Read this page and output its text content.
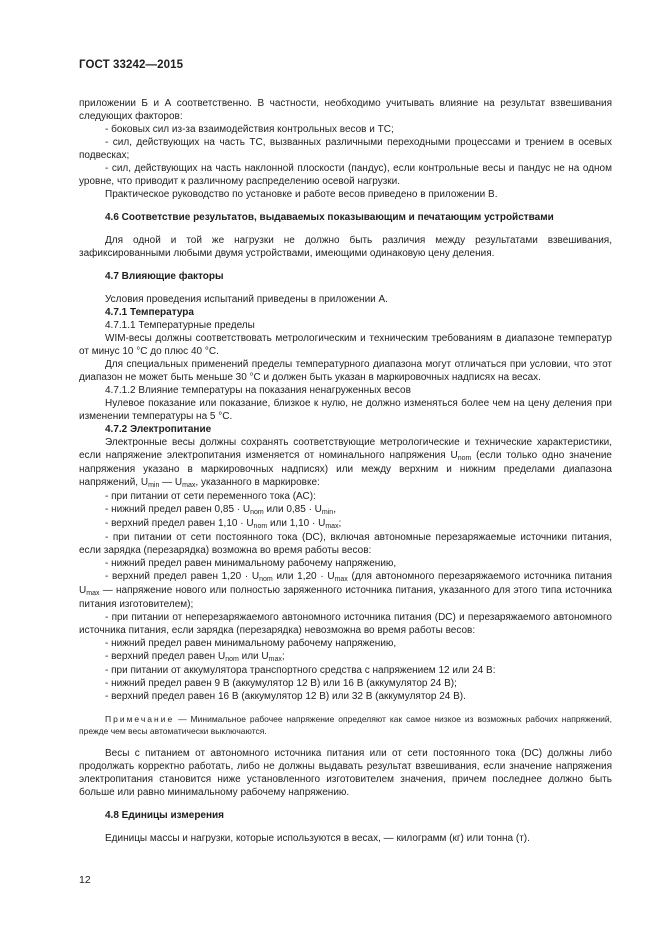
ГОСТ 33242—2015
приложении Б и А соответственно. В частности, необходимо учитывать влияние на результат взвешивания следующих факторов:
- боковых сил из-за взаимодействия контрольных весов и ТС;
- сил, действующих на часть ТС, вызванных различными переходными процессами и трением в осевых подвесках;
- сил, действующих на часть наклонной плоскости (пандус), если контрольные весы и пандус не на одном уровне, что приводит к различному распределению осевой нагрузки.
Практическое руководство по установке и работе весов приведено в приложении В.
4.6 Соответствие результатов, выдаваемых показывающим и печатающим устройствами
Для одной и той же нагрузки не должно быть различия между результатами взвешивания, зафиксированными любыми двумя устройствами, имеющими одинаковую цену деления.
4.7 Влияющие факторы
Условия проведения испытаний приведены в приложении А.
4.7.1 Температура
4.7.1.1 Температурные пределы
WIM-весы должны соответствовать метрологическим и техническим требованиям в диапазоне температур от минус 10 °С до плюс 40 °С.
Для специальных применений пределы температурного диапазона могут отличаться при условии, что этот диапазон не может быть меньше 30 °С и должен быть указан в маркировочных надписях на весах.
4.7.1.2 Влияние температуры на показания ненагруженных весов
Нулевое показание или показание, близкое к нулю, не должно изменяться более чем на цену деления при изменении температуры на 5 °С.
4.7.2 Электропитание
Электронные весы должны сохранять соответствующие метрологические и технические характеристики, если напряжение электропитания изменяется от номинального напряжения $U_{nom}$ (если только одно значение напряжения указано в маркировочных надписях) или между верхним и нижним пределами диапазона напряжений, $U_{min}$ — $U_{max}$, указанного в маркировке:
- при питании от сети переменного тока (АС):
- нижний предел равен $0,85 \cdot U_{nom}$ или $0,85 \cdot U_{min}$,
- верхний предел равен $1,10 \cdot U_{nom}$ или $1,10 \cdot U_{max}$;
- при питании от сети постоянного тока (DC), включая автономные перезаряжаемые источники питания, если зарядка (перезарядка) возможна во время работы весов:
- нижний предел равен минимальному рабочему напряжению,
- верхний предел равен $1,20 \cdot U_{nom}$ или $1,20 \cdot U_{max}$ (для автономного перезаряжаемого источника питания $U_{max}$ — напряжение нового или полностью заряженного источника питания, указанного для этого типа источника питания изготовителем);
- при питании от неперезаряжаемого автономного источника питания (DC) и перезаряжаемого автономного источника питания, если зарядка (перезарядка) невозможна во время работы весов:
- нижний предел равен минимальному рабочему напряжению,
- верхний предел равен $U_{nom}$ или $U_{max}$;
- при питании от аккумулятора транспортного средства с напряжением 12 или 24 В:
- нижний предел равен 9 В (аккумулятор 12 В) или 16 В (аккумулятор 24 В);
- верхний предел равен 16 В (аккумулятор 12 В) или 32 В (аккумулятор 24 В).
Примечание — Минимальное рабочее напряжение определяют как самое низкое из возможных рабочих напряжений, прежде чем весы автоматически выключаются.
Весы с питанием от автономного источника питания или от сети постоянного тока (DC) должны либо продолжать корректно работать, либо не должны выдавать результат взвешивания, если значение напряжения электропитания становится ниже установленного изготовителем значения, причем последнее должно быть больше или равно минимальному рабочему напряжению.
4.8 Единицы измерения
Единицы массы и нагрузки, которые используются в весах, — килограмм (кг) или тонна (т).
12
